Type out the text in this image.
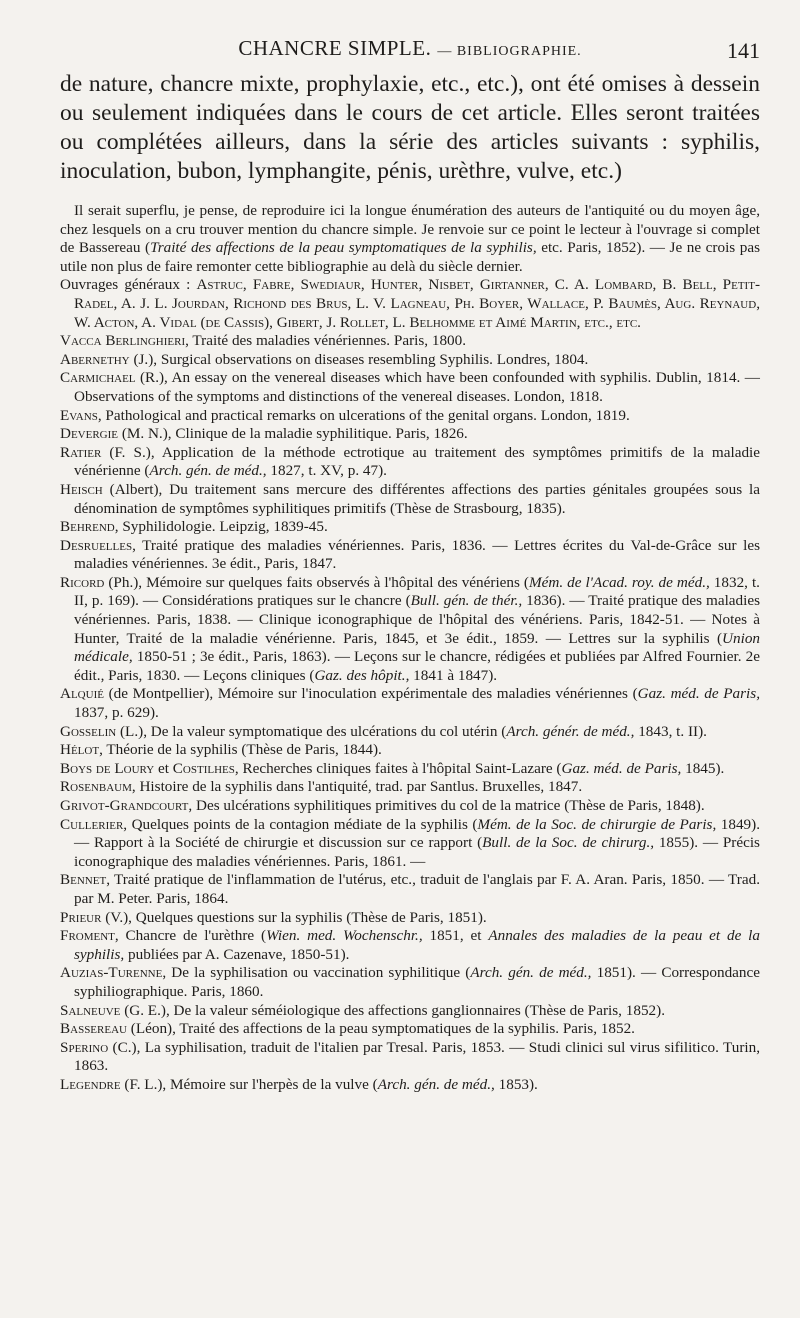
CHANCRE SIMPLE. — BIBLIOGRAPHIE.	141

de nature, chancre mixte, prophylaxie, etc., etc.), ont été omises à dessein ou seulement indiquées dans le cours de cet article. Elles seront traitées ou complétées ailleurs, dans la série des articles suivants : syphilis, inoculation, bubon, lymphangite, pénis, urèthre, vulve, etc.)

Il serait superflu, je pense, de reproduire ici la longue énumération des auteurs de l'antiquité ou du moyen âge, chez lesquels on a cru trouver mention du chancre simple. Je renvoie sur ce point le lecteur à l'ouvrage si complet de Bassereau (Traité des affections de la peau symptomatiques de la syphilis, etc. Paris, 1852). — Je ne crois pas utile non plus de faire remonter cette bibliographie au delà du siècle dernier.

Ouvrages généraux : Astruc, Fabre, Swediaur, Hunter, Nisbet, Girtanner, C. A. Lombard, B. Bell, Petit-Radel, A. J. L. Jourdan, Richond des Brus, L. V. Lagneau, Ph. Boyer, Wallace, P. Baumès, Aug. Reynaud, W. Acton, A. Vidal (de Cassis), Gibert, J. Rollet, L. Belhomme et Aimé Martin, etc., etc.

Vacca Berlinghieri, Traité des maladies vénériennes. Paris, 1800.

Abernethy (J.), Surgical observations on diseases resembling Syphilis. Londres, 1804.

Carmichael (R.), An essay on the venereal diseases which have been confounded with syphilis. Dublin, 1814. — Observations of the symptoms and distinctions of the venereal diseases. London, 1818.

Evans, Pathological and practical remarks on ulcerations of the genital organs. London, 1819.

Devergie (M. N.), Clinique de la maladie syphilitique. Paris, 1826.

Ratier (F. S.), Application de la méthode ectrotique au traitement des symptômes primitifs de la maladie vénérienne (Arch. gén. de méd., 1827, t. XV, p. 47).

Heisch (Albert), Du traitement sans mercure des différentes affections des parties génitales groupées sous la dénomination de symptômes syphilitiques primitifs (Thèse de Strasbourg, 1835).

Behrend, Syphilidologie. Leipzig, 1839-45.

Desruelles, Traité pratique des maladies vénériennes. Paris, 1836. — Lettres écrites du Val-de-Grâce sur les maladies vénériennes. 3e édit., Paris, 1847.

Ricord (Ph.), Mémoire sur quelques faits observés à l'hôpital des vénériens (Mém. de l'Acad. roy. de méd., 1832, t. II, p. 169). — Considérations pratiques sur le chancre (Bull. gén. de thér., 1836). — Traité pratique des maladies vénériennes. Paris, 1838. — Clinique iconographique de l'hôpital des vénériens. Paris, 1842-51. — Notes à Hunter, Traité de la maladie vénérienne. Paris, 1845, et 3e édit., 1859. — Lettres sur la syphilis (Union médicale, 1850-51 ; 3e édit., Paris, 1863). — Leçons sur le chancre, rédigées et publiées par Alfred Fournier. 2e édit., Paris, 1830. — Leçons cliniques (Gaz. des hôpit., 1841 à 1847).

Alquié (de Montpellier), Mémoire sur l'inoculation expérimentale des maladies vénériennes (Gaz. méd. de Paris, 1837, p. 629).

Gosselin (L.), De la valeur symptomatique des ulcérations du col utérin (Arch. génér. de méd., 1843, t. II).

Hélot, Théorie de la syphilis (Thèse de Paris, 1844).

Boys de Loury et Costilhes, Recherches cliniques faites à l'hôpital Saint-Lazare (Gaz. méd. de Paris, 1845).

Rosenbaum, Histoire de la syphilis dans l'antiquité, trad. par Santlus. Bruxelles, 1847.

Grivot-Grandcourt, Des ulcérations syphilitiques primitives du col de la matrice (Thèse de Paris, 1848).

Cullerier, Quelques points de la contagion médiate de la syphilis (Mém. de la Soc. de chirurgie de Paris, 1849). — Rapport à la Société de chirurgie et discussion sur ce rapport (Bull. de la Soc. de chirurg., 1855). — Précis iconographique des maladies vénériennes. Paris, 1861. —

Bennet, Traité pratique de l'inflammation de l'utérus, etc., traduit de l'anglais par F. A. Aran. Paris, 1850. — Trad. par M. Peter. Paris, 1864.

Prieur (V.), Quelques questions sur la syphilis (Thèse de Paris, 1851).

Froment, Chancre de l'urèthre (Wien. med. Wochenschr., 1851, et Annales des maladies de la peau et de la syphilis, publiées par A. Cazenave, 1850-51).

Auzias-Turenne, De la syphilisation ou vaccination syphilitique (Arch. gén. de méd., 1851). — Correspondance syphiliographique. Paris, 1860.

Salneuve (G. E.), De la valeur séméiologique des affections ganglionnaires (Thèse de Paris, 1852).

Bassereau (Léon), Traité des affections de la peau symptomatiques de la syphilis. Paris, 1852.

Sperino (C.), La syphilisation, traduit de l'italien par Tresal. Paris, 1853. — Studi clinici sul virus sifilitico. Turin, 1863.

Legendre (F. L.), Mémoire sur l'herpès de la vulve (Arch. gén. de méd., 1853).
